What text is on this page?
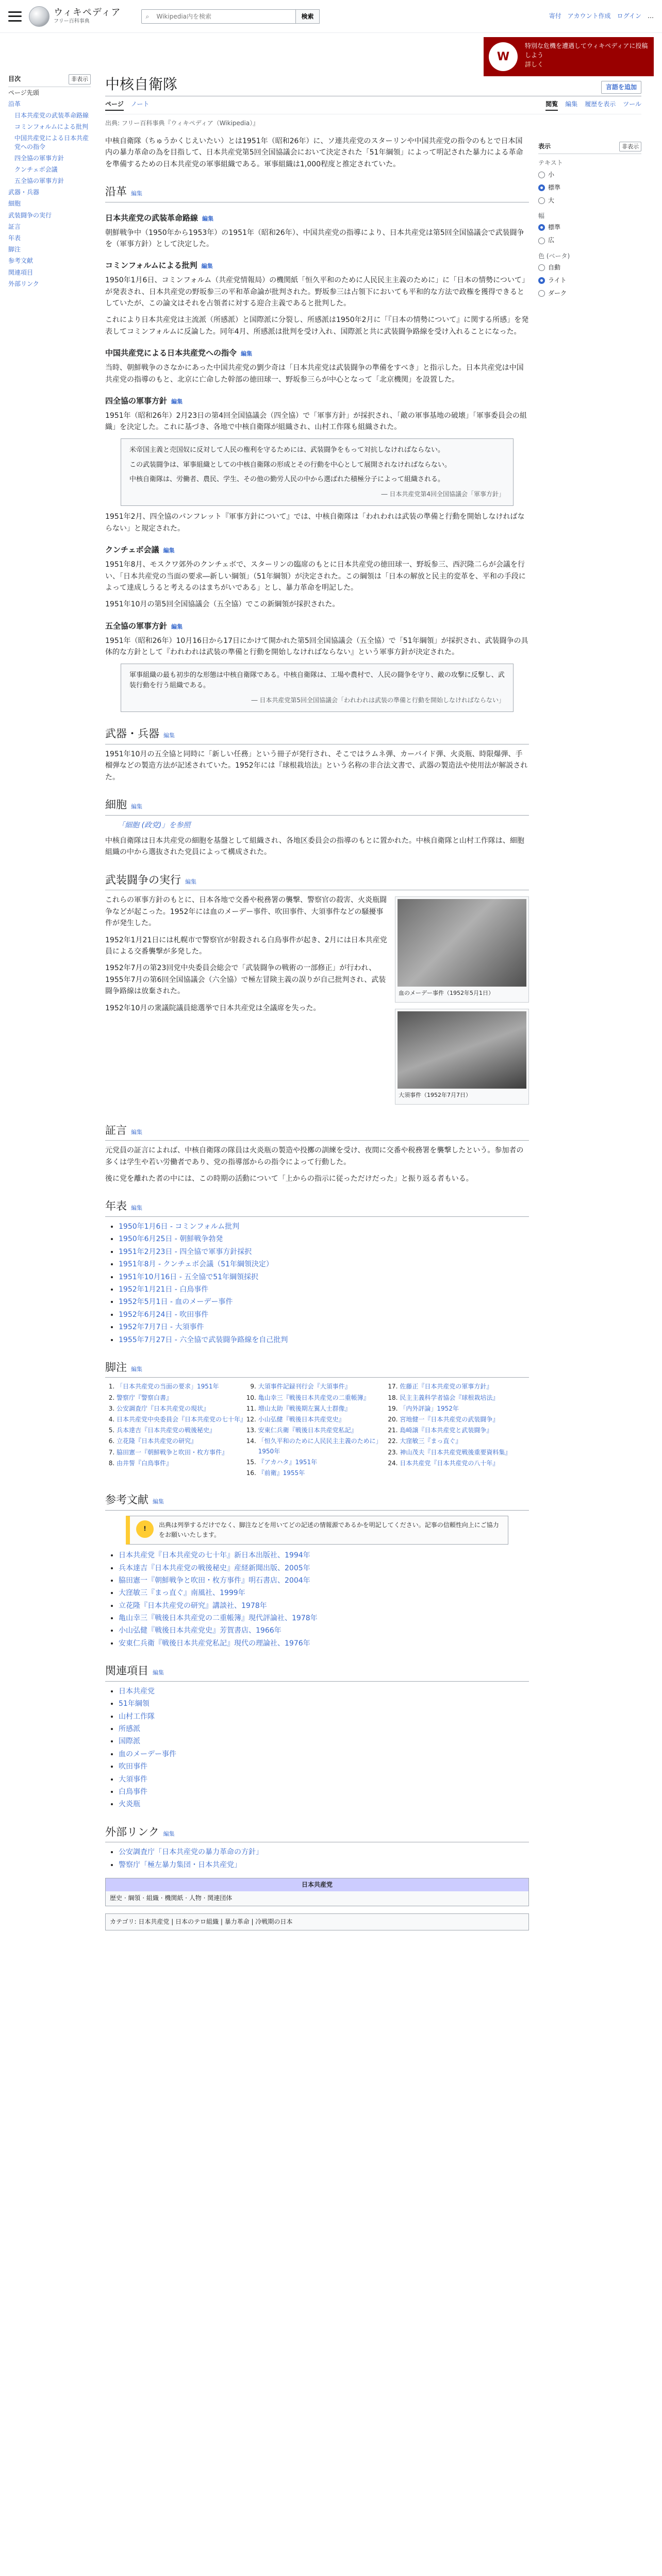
ウィキペディア
フリー百科事典
⌕
Wikipedia内を検索	検索	寄付 アカウント作成 ログイン …
W
特別な危機を遭遇してウィキペディアに投稿しよう
詳しく
目次	非表示
ページ先頭
沿革
日本共産党の武装革命路線
コミンフォルムによる批判
中国共産党による日本共産党への指令
四全協の軍事方針
クンチェボ会議
五全協の軍事方針
武器・兵器
細胞
武装闘争の実行
証言
年表
脚注
参考文献
関連項目
外部リンク
中核自衛隊	言語を追加
ページ ノート	閲覧 編集 履歴を表示 ツール
出典: フリー百科事典『ウィキペディア（Wikipedia）』

中核自衛隊（ちゅうかくじえいたい）とは1951年（昭和26年）に、ソ連共産党のスターリンや中国共産党の指令のもとで日本国内の暴力革命の為を目指して、日本共産党第5回全国協議会において決定された「51年綱領」によって明記された暴力による革命を準備するための日本共産党の軍事組織である。軍事組織は1,000程度と推定されていた。

沿革 編集
日本共産党の武装革命路線 編集

朝鮮戦争中（1950年から1953年）の1951年（昭和26年）、中国共産党の指導により、日本共産党は第5回全国協議会で武装闘争を（軍事方針）として決定した。

コミンフォルムによる批判 編集

1950年1月6日、コミンフォルム（共産党情報局）の機関紙「恒久平和のために人民民主主義のために」に「日本の情勢について」が発表され、日本共産党の野坂参三の平和革命論が批判された。野坂参三は占領下においても平和的な方法で政権を獲得できるとしていたが、この論文はそれを占領者に対する迎合主義であると批判した。

これにより日本共産党は主流派（所感派）と国際派に分裂し、所感派は1950年2月に「『日本の情勢について』に関する所感」を発表してコミンフォルムに反論した。同年4月、所感派は批判を受け入れ、国際派と共に武装闘争路線を受け入れることになった。

中国共産党による日本共産党への指令 編集

当時、朝鮮戦争のさなかにあった中国共産党の劉少奇は「日本共産党は武装闘争の準備をすべき」と指示した。日本共産党は中国共産党の指導のもと、北京に亡命した幹部の徳田球一、野坂参三らが中心となって「北京機関」を設置した。

四全協の軍事方針 編集

1951年（昭和26年）2月23日の第4回全国協議会（四全協）で「軍事方針」が採択され、「敵の軍事基地の破壊」「軍事委員会の組織」を決定した。これに基づき、各地で中核自衛隊が組織され、山村工作隊も組織された。

米帝国主義と売国奴に反対して人民の権利を守るためには、武装闘争をもって対抗しなければならない。

この武装闘争は、軍事組織としての中核自衛隊の形成とその行動を中心として展開されなければならない。

中核自衛隊は、労働者、農民、学生、その他の勤労人民の中から選ばれた積極分子によって組織される。

― 日本共産党第4回全国協議会「軍事方針」

1951年2月、四全協のパンフレット『軍事方針について』では、中核自衛隊は「われわれは武装の準備と行動を開始しなければならない」と規定された。

クンチェボ会議 編集

1951年8月、モスクワ郊外のクンチェボで、スターリンの臨席のもとに日本共産党の徳田球一、野坂参三、西沢隆二らが会議を行い、「日本共産党の当面の要求―新しい綱領」（51年綱領）が決定された。この綱領は「日本の解放と民主的変革を、平和の手段によって達成しうると考えるのはまちがいである」とし、暴力革命を明記した。

1951年10月の第5回全国協議会（五全協）でこの新綱領が採択された。

五全協の軍事方針 編集

1951年（昭和26年）10月16日から17日にかけて開かれた第5回全国協議会（五全協）で「51年綱領」が採択され、武装闘争の具体的な方針として『われわれは武装の準備と行動を開始しなければならない』という軍事方針が決定された。

軍事組織の最も初歩的な形態は中核自衛隊である。中核自衛隊は、工場や農村で、人民の闘争を守り、敵の攻撃に反撃し、武装行動を行う組織である。

― 日本共産党第5回全国協議会「われわれは武装の準備と行動を開始しなければならない」
武器・兵器 編集

1951年10月の五全協と同時に「新しい任務」という冊子が発行され、そこではラムネ弾、カーバイド弾、火炎瓶、時限爆弾、手榴弾などの製造方法が記述されていた。1952年には『球根栽培法』という名称の非合法文書で、武器の製造法や使用法が解説された。

細胞 編集
「細胞 (政党)」を参照

中核自衛隊は日本共産党の細胞を基盤として組織され、各地区委員会の指導のもとに置かれた。中核自衛隊と山村工作隊は、細胞組織の中から選抜された党員によって構成された。

武装闘争の実行 編集
血のメーデー事件（1952年5月1日）

これらの軍事方針のもとに、日本各地で交番や税務署の襲撃、警察官の殺害、火炎瓶闘争などが起こった。1952年には血のメーデー事件、吹田事件、大須事件などの騒擾事件が発生した。

1952年1月21日には札幌市で警察官が射殺される白鳥事件が起き、2月には日本共産党員による交番襲撃が多発した。

大須事件（1952年7月7日）

1952年7月の第23回党中央委員会総会で「武装闘争の戦術の一部修正」が行われ、1955年7月の第6回全国協議会（六全協）で極左冒険主義の誤りが自己批判され、武装闘争路線は放棄された。

1952年10月の衆議院議員総選挙で日本共産党は全議席を失った。

証言 編集

元党員の証言によれば、中核自衛隊の隊員は火炎瓶の製造や投擲の訓練を受け、夜間に交番や税務署を襲撃したという。参加者の多くは学生や若い労働者であり、党の指導部からの指令によって行動した。

後に党を離れた者の中には、この時期の活動について「上からの指示に従っただけだった」と振り返る者もいる。

年表 編集
• 1950年1月6日 - コミンフォルム批判
• 1950年6月25日 - 朝鮮戦争勃発
• 1951年2月23日 - 四全協で軍事方針採択
• 1951年8月 - クンチェボ会議（51年綱領決定）
• 1951年10月16日 - 五全協で51年綱領採択
• 1952年1月21日 - 白鳥事件
• 1952年5月1日 - 血のメーデー事件
• 1952年6月24日 - 吹田事件
• 1952年7月7日 - 大須事件
• 1955年7月27日 - 六全協で武装闘争路線を自己批判
脚注 編集
1. 「日本共産党の当面の要求」1951年
2. 警察庁『警察白書』
3. 公安調査庁『日本共産党の現状』
4. 日本共産党中央委員会『日本共産党の七十年』
5. 兵本達吉『日本共産党の戦後秘史』
6. 立花隆『日本共産党の研究』
7. 脇田憲一『朝鮮戦争と吹田・枚方事件』
8. 由井誓『白鳥事件』
9. 大須事件記録刊行会『大須事件』
10. 亀山幸三『戦後日本共産党の二重帳簿』
11. 増山太助『戦後期左翼人士群像』
12. 小山弘健『戦後日本共産党史』
13. 安東仁兵衛『戦後日本共産党私記』
14. 「恒久平和のために人民民主主義のために」1950年
15. 『アカハタ』1951年
16. 『前衛』1955年
17. 佐藤正『日本共産党の軍事方針』
18. 民主主義科学者協会『球根栽培法』
19. 「内外評論」1952年
20. 宮地健一『日本共産党の武装闘争』
21. 島崎譲『日本共産党と武装闘争』
22. 大窪敏三『まっ直ぐ』
23. 神山茂夫『日本共産党戦後重要資料集』
24. 日本共産党『日本共産党の八十年』
参考文献 編集
!
出典は列挙するだけでなく、脚注などを用いてどの記述の情報源であるかを明記してください。記事の信頼性向上にご協力をお願いいたします。
• 日本共産党『日本共産党の七十年』新日本出版社、1994年
• 兵本達吉『日本共産党の戦後秘史』産経新聞出版、2005年
• 脇田憲一『朝鮮戦争と吹田・枚方事件』明石書店、2004年
• 大窪敏三『まっ直ぐ』南風社、1999年
• 立花隆『日本共産党の研究』講談社、1978年
• 亀山幸三『戦後日本共産党の二重帳簿』現代評論社、1978年
• 小山弘健『戦後日本共産党史』芳賀書店、1966年
• 安東仁兵衛『戦後日本共産党私記』現代の理論社、1976年
関連項目 編集
• 日本共産党
• 51年綱領
• 山村工作隊
• 所感派
• 国際派
• 血のメーデー事件
• 吹田事件
• 大須事件
• 白鳥事件
• 火炎瓶
外部リンク 編集
• 公安調査庁「日本共産党の暴力革命の方針」
• 警察庁「極左暴力集団・日本共産党」
日本共産党
歴史 · 綱領 · 組織 · 機関紙 · 人物 · 関連団体
カテゴリ: 日本共産党 | 日本のテロ組織 | 暴力革命 | 冷戦期の日本
表示	非表示
テキスト
小
標準
大
幅
標準
広
色 (ベータ)
自動
ライト
ダーク
